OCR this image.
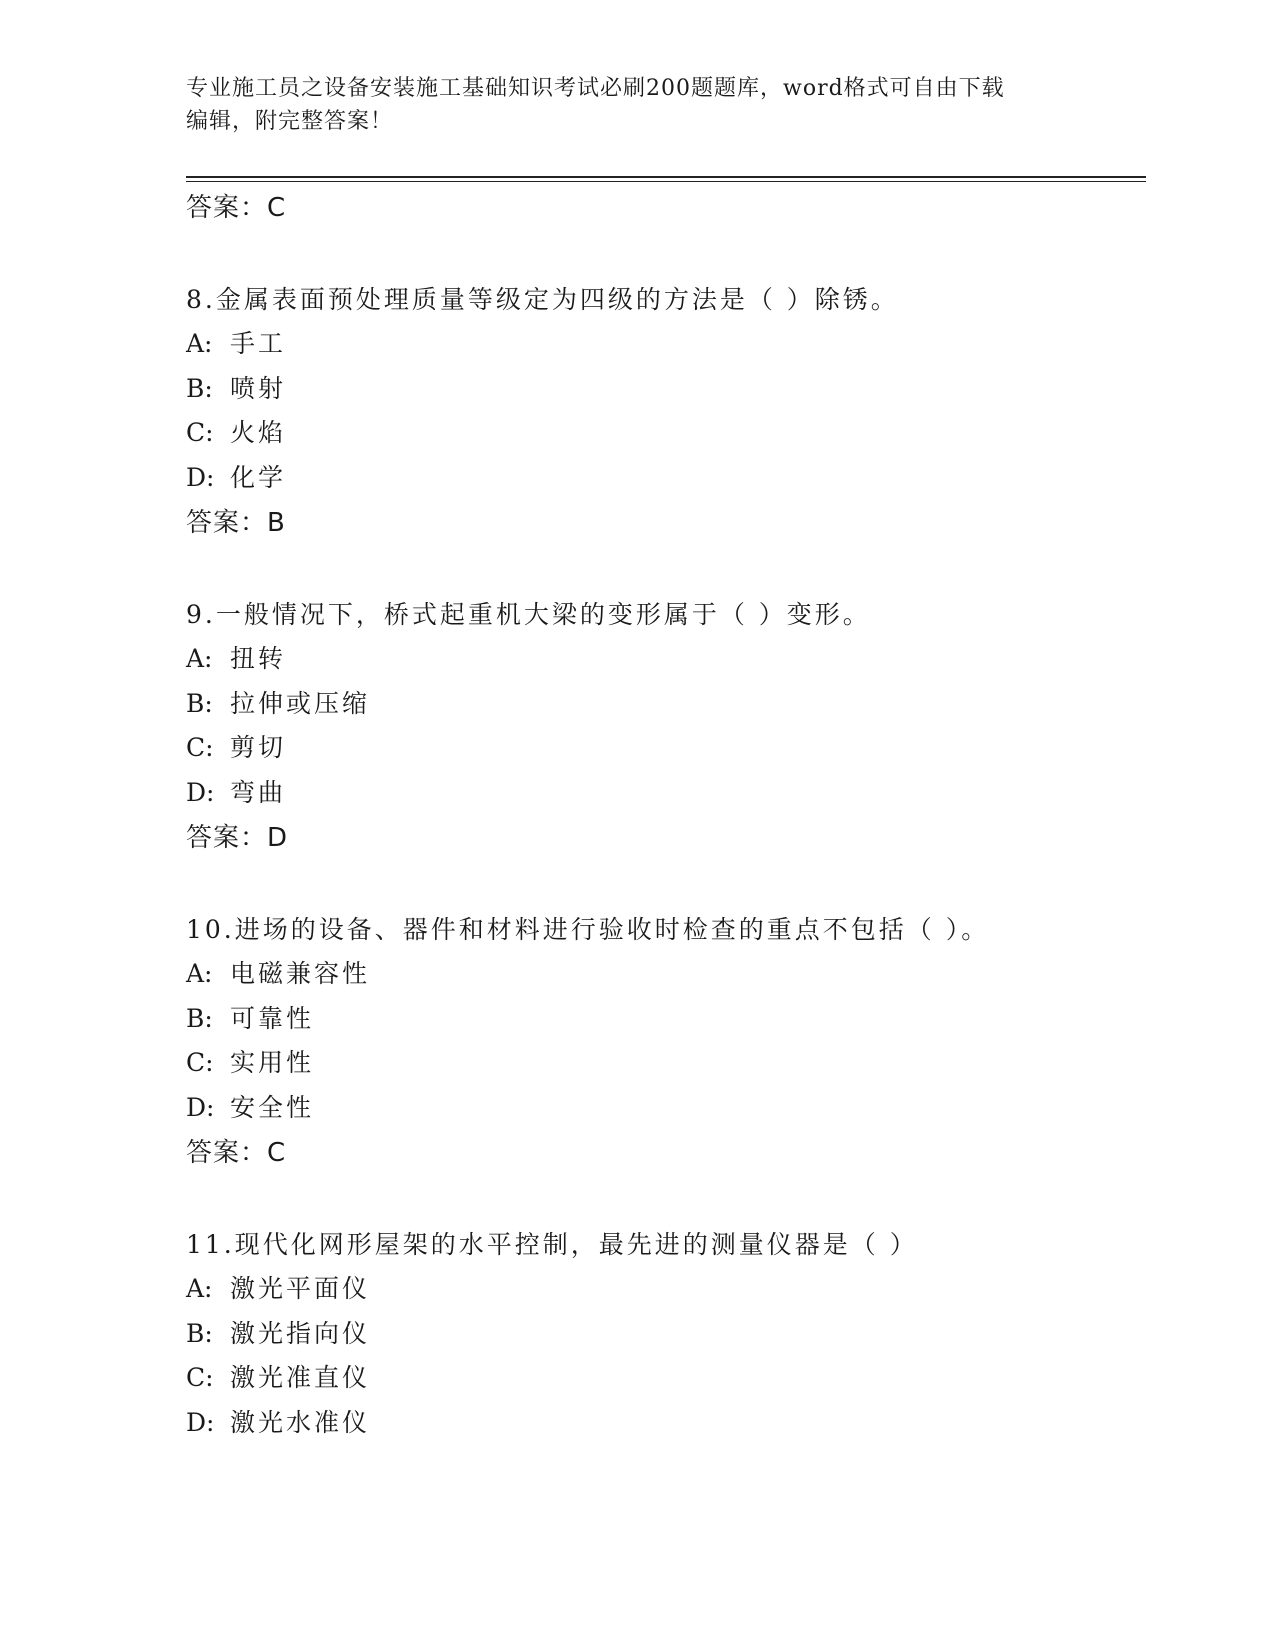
专业施工员之设备安装施工基础知识考试必刷200题题库，word格式可自由下载
编辑，附完整答案！
答案：C
8.金属表面预处理质量等级定为四级的方法是（ ）除锈。
A: 手工
B: 喷射
C: 火焰
D: 化学
答案：B
9.一般情况下，桥式起重机大梁的变形属于（ ）变形。
A: 扭转
B: 拉伸或压缩
C: 剪切
D: 弯曲
答案：D
10.进场的设备、器件和材料进行验收时检查的重点不包括（ ）。
A: 电磁兼容性
B: 可靠性
C: 实用性
D: 安全性
答案：C
11.现代化网形屋架的水平控制，最先进的测量仪器是（ ）
A: 激光平面仪
B: 激光指向仪
C: 激光准直仪
D: 激光水准仪
